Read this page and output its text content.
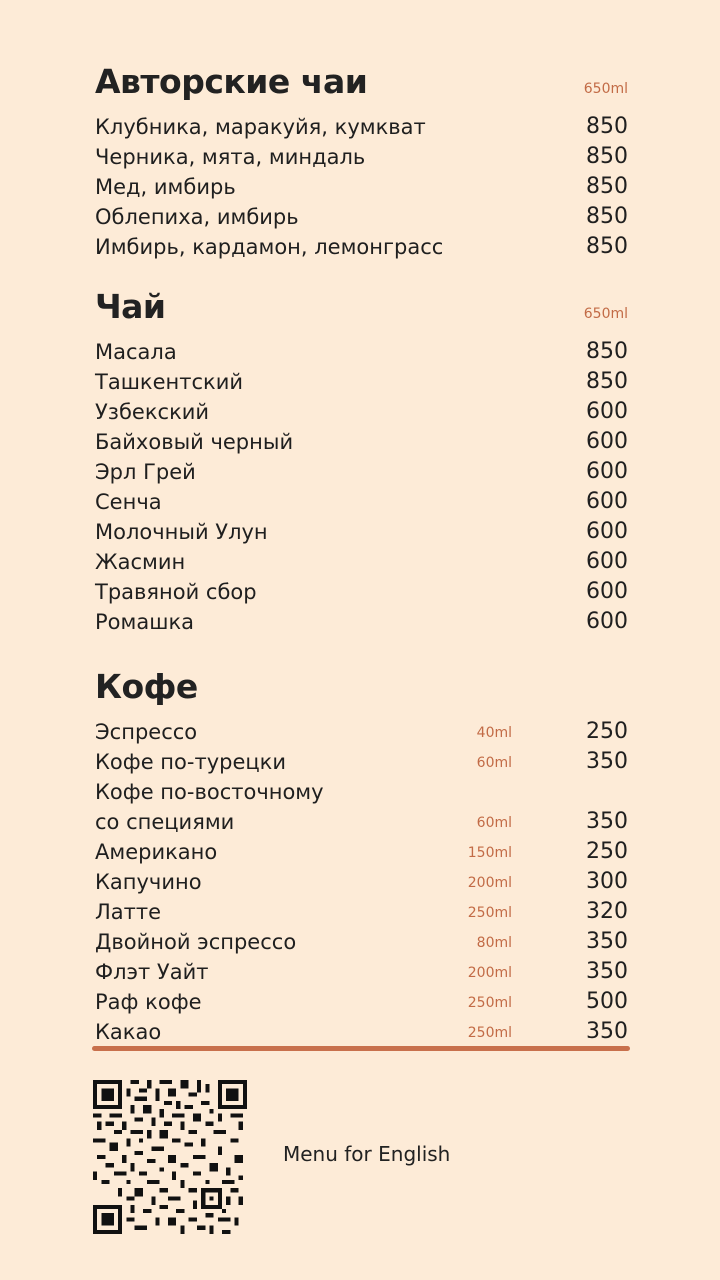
Авторские чаи	650ml
Клубника, маракуйя, кумкват	850
Черника, мята, миндаль	850
Мед, имбирь	850
Облепиха, имбирь	850
Имбирь, кардамон, лемонграсс	850
Чай	650ml
Масала	850
Ташкентский	850
Узбекский	600
Байховый черный	600
Эрл Грей	600
Сенча	600
Молочный Улун	600
Жасмин	600
Травяной сбор	600
Ромашка	600
Кофе
Эспрессо	40ml	250
Кофе по-турецки	60ml	350
Кофе по-восточному
со специями	60ml	350
Американо	150ml	250
Капучино	200ml	300
Латте	250ml	320
Двойной эспрессо	80ml	350
Флэт Уайт	200ml	350
Раф кофе	250ml	500
Какао	250ml	350
Menu for English
